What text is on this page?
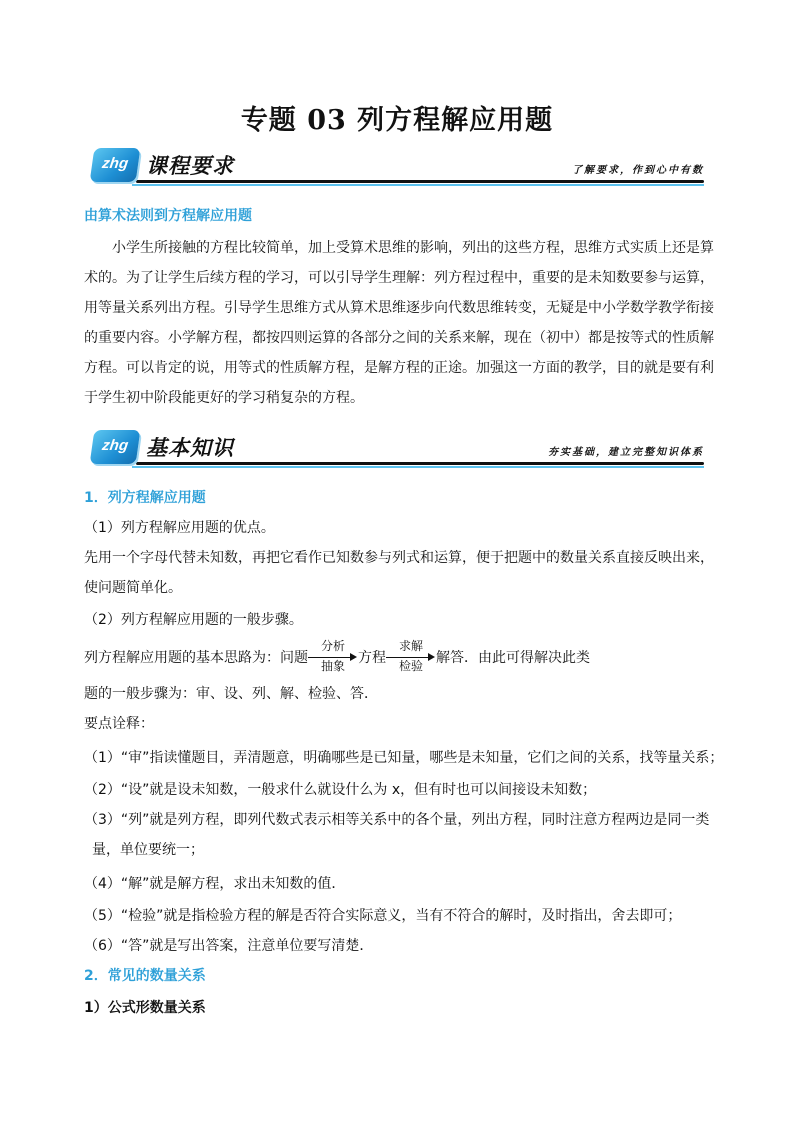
专题 03 列方程解应用题
zhg 课程要求	了解要求，作到心中有数
由算术法则到方程解应用题
小学生所接触的方程比较简单，加上受算术思维的影响，列出的这些方程，思维方式实质上还是算
术的。为了让学生后续方程的学习，可以引导学生理解：列方程过程中，重要的是未知数要参与运算，
用等量关系列出方程。引导学生思维方式从算术思维逐步向代数思维转变，无疑是中小学数学教学衔接
的重要内容。小学解方程，都按四则运算的各部分之间的关系来解，现在（初中）都是按等式的性质解
方程。可以肯定的说，用等式的性质解方程，是解方程的正途。加强这一方面的教学，目的就是要有利
于学生初中阶段能更好的学习稍复杂的方程。
zhg 基本知识	夯实基础，建立完整知识体系
1．列方程解应用题
（1）列方程解应用题的优点。
先用一个字母代替未知数，再把它看作已知数参与列式和运算，便于把题中的数量关系直接反映出来，
使问题简单化。
（2）列方程解应用题的一般步骤。
列方程解应用题的基本思路为：问题 $\frac{\text{分析}}{\text{抽象}}$ 方程 $\frac{\text{求解}}{\text{检验}}$ 解答．由此可得解决此类
题的一般步骤为：审、设、列、解、检验、答．
要点诠释：
（1）“审”指读懂题目，弄清题意，明确哪些是已知量，哪些是未知量，它们之间的关系，找等量关系；
（2）“设”就是设未知数，一般求什么就设什么为 x，但有时也可以间接设未知数；
（3）“列”就是列方程，即列代数式表示相等关系中的各个量，列出方程，同时注意方程两边是同一类
量，单位要统一；
（4）“解”就是解方程，求出未知数的值．
（5）“检验”就是指检验方程的解是否符合实际意义，当有不符合的解时，及时指出，舍去即可；
（6）“答”就是写出答案，注意单位要写清楚．
2．常见的数量关系
1）公式形数量关系
